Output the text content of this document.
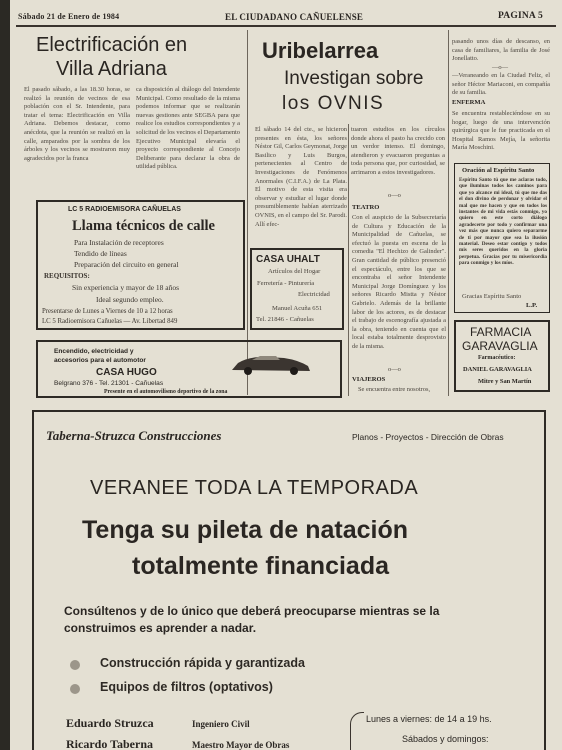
Sábado 21 de Enero de 1984	EL CIUDADANO CAÑUELENSE	PAGINA 5
Electrificación en
Villa Adriana
El pasado sábado, a las 18.30 horas, se realizó la reunión de vecinos de esa población con el Sr. Intendente, para tratar el tema: Electrificación en Villa Adriana. Debemos destacar, como anécdota, que la reunión se realizó en la calle, amparados por la sombra de los árboles y los vecinos se mostraron muy agradecidos por la franca
ca disposición al diálogo del Intendente Municipal. Como resultado de la misma podemos informar que se realizarán nuevas gestiones ante SEGBA para que realice los estudios correspondientes y a solicitud de los vecinos el Departamento Ejecutivo Municipal elevaría el proyecto correspondiente al Concejo Deliberante para declarar la obra de utilidad pública.
LC 5 RADIOEMISORA CAÑUELAS
Llama técnicos de calle
Para Instalación de receptores
Tendido de líneas
Preparación del circuito en general
REQUISITOS:
Sin experiencia y mayor de 18 años
Ideal segundo empleo.
Presentarse de Lunes a Viernes de 10 a 12 horas
LC 5 Radioemisora Cañuelas — Av. Libertad 849
Encendido, electricidad y
accesorios para el automotor
CASA HUGO
Belgrano 376 - Tel. 21301 - Cañuelas
Presente en el automovilismo deportivo de la zona
Uribelarrea
Investigan sobre
los OVNIS
El sábado 14 del cte., se hicieron presentes en ésta, los señores Néstor Gil, Carlos Geymonat, Jorge Basilico y Luis Burgos, pertenecientes al Centro de Investigaciones de Fenómenos Anormales (C.I.F.A.) de La Plata. El motivo de esta visita era observar y estudiar el lugar donde presumiblemente habían aterrizado OVNIS, en el campo del Sr. Parodi. Allí efec-
tuaron estudios en los círculos donde ahora el pasto ha crecido con un verdor intenso. El domingo, atendieron y evacuaron preguntas a toda persona que, por curiosidad, se arrimaron a estos investigadores.
o—o
CASA UHALT
Artículos del Hogar
Ferretería - Pinturería
Electricidad
Manuel Acuña 651
Tel. 21846 - Cañuelas
TEATRO
Con el auspicio de la Subsecretaría de Cultura y Educación de la Municipalidad de Cañuelas, se efectuó la puesta en escena de la comedia "El Hechizo de Galinder". Gran cantidad de público presenció el espectáculo, entre los que se encontraba el señor Intendente Municipal Jorge Domínguez y los señores Ricardo Mistta y Néstor Gabrielo. Además de la brillante labor de los actores, es de destacar el trabajo de escenografía ajustada a la obra, teniendo en cuenta que el local estaba totalmente desprovisto de la misma.
o—o
VIAJEROS
Se encuentra entre nosotros,
pasando unos días de descanso, en casa de familiares, la familia de José Jonellatto.
—o—
—Veraneando en la Ciudad Feliz, el señor Héctor Mariaconi, en compañía de su familia.
ENFERMA
Se encuentra restableciéndose en su hogar, luego de una intervención quirúrgica que le fue practicada en el Hospital Ramos Mejía, la señorita María Moschini.
Oración al Espíritu Santo
Espíritu Santo tú que me aclaras todo, que iluminas todos los caminos para que yo alcance mi ideal, tú que me das el don divino de perdonar y olvidar el mal que me hacen y que en todos los instantes de mi vida estás conmigo, yo quiero en este corto diálogo agradecerte por todo y confirmar una vez más que nunca quiero separarme de ti por mayor que sea la ilusión material. Deseo estar contigo y todos mis seres queridos en la gloria perpetua. Gracias por tu misericordia para conmigo y los míos.
Gracias Espíritu Santo
L.P.
FARMACIA
GARAVAGLIA
Farmacéutico:
DANIEL GARAVAGLIA
Mitre y San Martín
Taberna-Struzca Construcciones	Planos - Proyectos - Dirección de Obras
VERANEE TODA LA TEMPORADA
Tenga su pileta de natación
totalmente financiada
Consúltenos y de lo único que deberá preocuparse mientras se la
construimos es aprender a nadar.
Construcción rápida y garantizada
Equipos de filtros (optativos)
Eduardo Struzca	Ingeniero Civil
Ricardo Taberna	Maestro Mayor de Obras
Lunes a viernes: de 14 a 19 hs.
Sábados y domingos:
